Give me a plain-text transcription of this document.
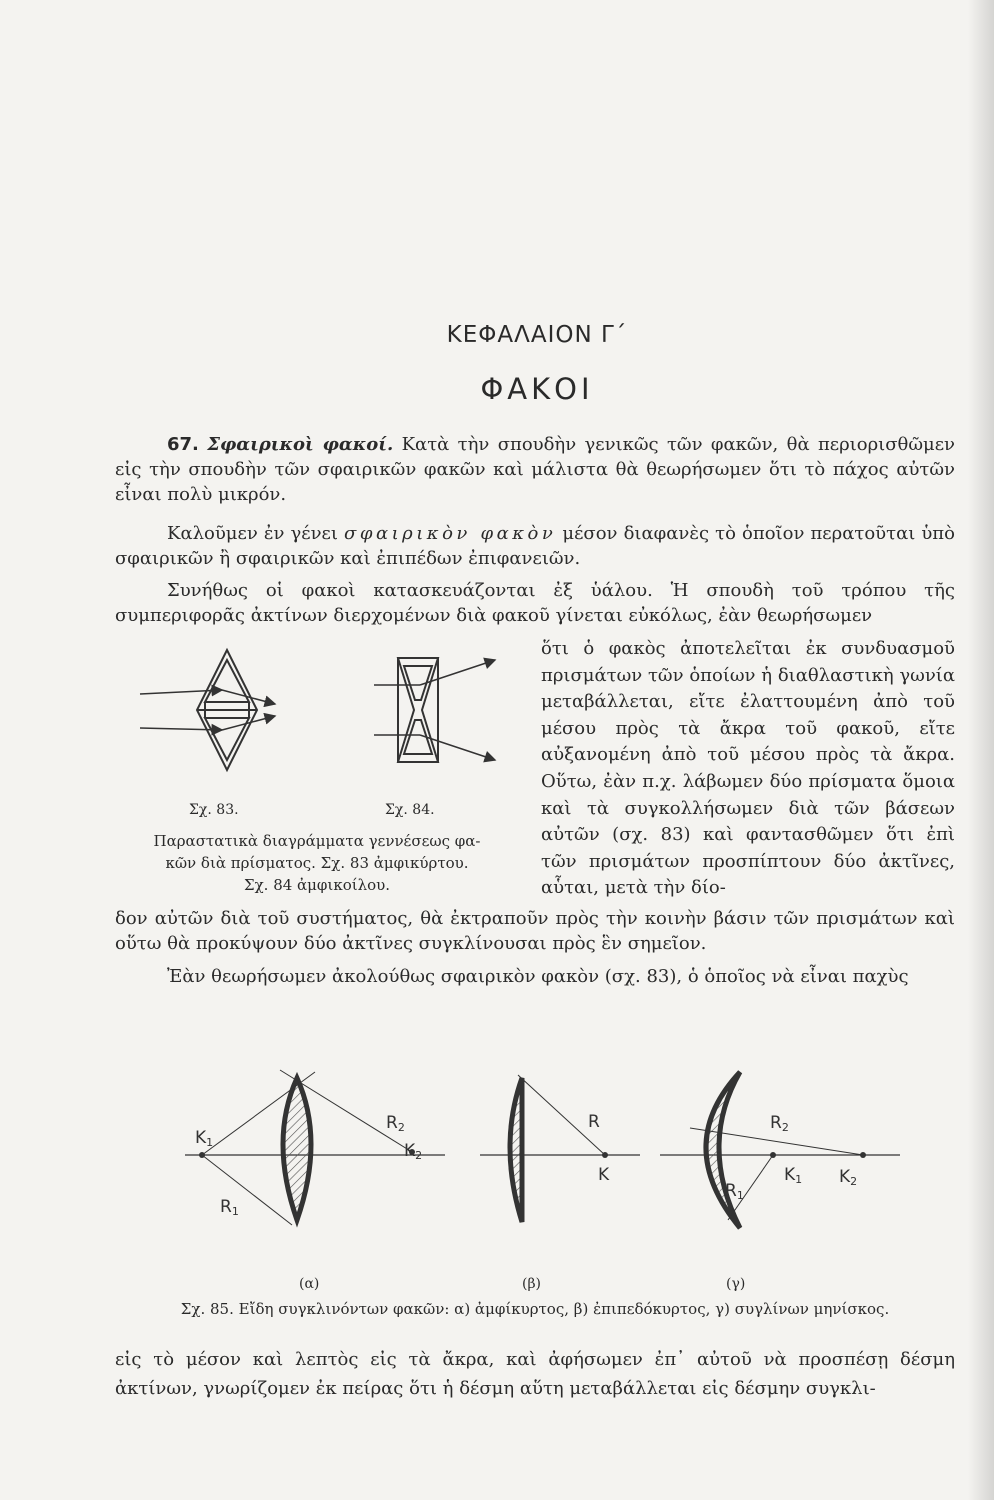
ΚΕΦΑΛΑΙΟΝ Γ΄
ΦΑΚΟΙ
67. Σφαιρικοὶ φακοί. Κατὰ τὴν σπουδὴν γενικῶς τῶν φακῶν, θὰ περιορισθῶμεν εἰς τὴν σπουδὴν τῶν σφαιρικῶν φακῶν καὶ μάλιστα θὰ θεωρήσωμεν ὅτι τὸ πάχος αὐτῶν εἶναι πολὺ μικρόν.
Καλοῦμεν ἐν γένει σφαιρικὸν φακὸν μέσον διαφανὲς τὸ ὁποῖον περατοῦται ὑπὸ σφαιρικῶν ἢ σφαιρικῶν καὶ ἐπιπέδων ἐπιφανειῶν.
Συνήθως οἱ φακοὶ κατασκευάζονται ἐξ ὑάλου. Ἡ σπουδὴ τοῦ τρόπου τῆς συμπεριφορᾶς ἀκτίνων διερχομένων διὰ φακοῦ γίνεται εὐκόλως, ἐὰν θεωρήσωμεν
ὅτι ὁ φακὸς ἀποτελεῖται ἐκ συνδυασμοῦ πρισμάτων τῶν ὁποίων ἡ διαθλαστικὴ γωνία μεταβάλλεται, εἴτε ἐλαττουμένη ἀπὸ τοῦ μέσου πρὸς τὰ ἄκρα τοῦ φακοῦ, εἴτε αὐξανομένη ἀπὸ τοῦ μέσου πρὸς τὰ ἄκρα. Οὕτω, ἐὰν π.χ. λάβωμεν δύο πρίσματα ὅμοια καὶ τὰ συγκολλήσωμεν διὰ τῶν βάσεων αὐτῶν (σχ. 83) καὶ φαντασθῶμεν ὅτι ἐπὶ τῶν πρισμάτων προσπίπτουν δύο ἀκτῖνες, αὗται, μετὰ τὴν δίο-
δον αὐτῶν διὰ τοῦ συστήματος, θὰ ἐκτραποῦν πρὸς τὴν κοινὴν βάσιν τῶν πρισμάτων καὶ οὕτω θὰ προκύψουν δύο ἀκτῖνες συγκλίνουσαι πρὸς ἓν σημεῖον.
Ἐὰν θεωρήσωμεν ἀκολούθως σφαιρικὸν φακὸν (σχ. 83), ὁ ὁποῖος νὰ εἶναι παχὺς
Σχ. 83.	Σχ. 84.
Παραστατικὰ διαγράμματα γεννέσεως φα-
κῶν διὰ πρίσματος. Σχ. 83 ἀμφικύρτου.
Σχ. 84 ἀμφικοίλου.
K1	K2
R1
R2	R
K
R2
R1
K1 K2
(α)	(β)	(γ)
Σχ. 85. Εἴδη συγκλινόντων φακῶν: α) ἀμφίκυρτος, β) ἐπιπεδόκυρτος, γ) συγλίνων μηνίσκος.
εἰς τὸ μέσον καὶ λεπτὸς εἰς τὰ ἄκρα, καὶ ἀφήσωμεν ἐπ᾿ αὐτοῦ νὰ προσπέσῃ δέσμη ἀκτίνων, γνωρίζομεν ἐκ πείρας ὅτι ἡ δέσμη αὕτη μεταβάλλεται εἰς δέσμην συγκλι-
